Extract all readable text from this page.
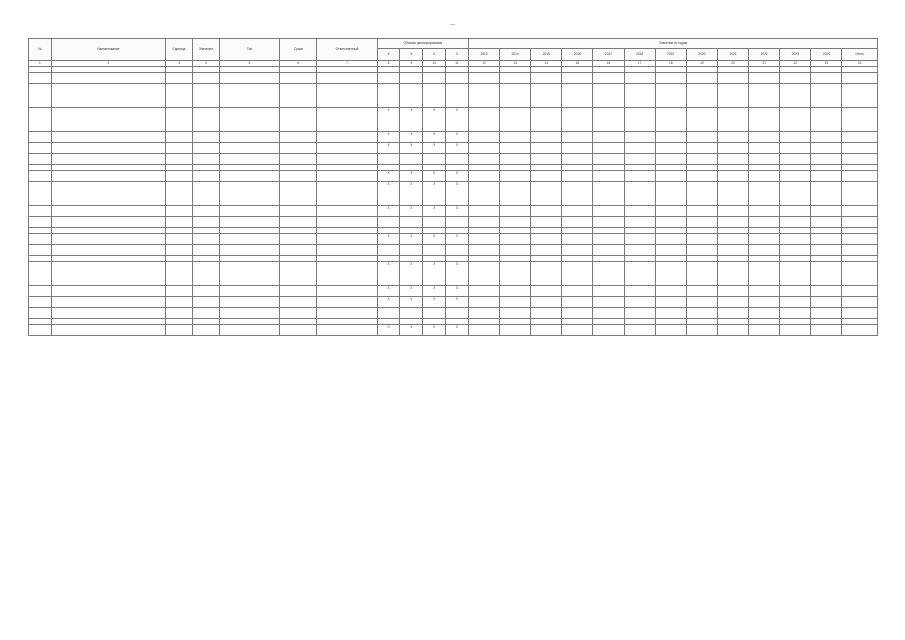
—
№	Наименование	Единица	Значение	Тип	Сроки	Ответственный	Объемы финансирования				Значения по годам												
							X	X	X	X	2013	2014	2015	2016	2017	2018	2019	2020	2021	2022	2023	2024	Итого
1	2	3	4	5	6	7	8	9	10	11	12	13	14	15	16	17	18	19	20	21	22	23	24

							X	X	X	X													
							X	X	X	X													
							X	X	X	X													

							X	X	X	X													
							X	X	X	X													
							X	X	X	X													

							X	X	X	X													

							X	X	X	X													
							X	X	X	X													
							X	X	X	X													

							X	X	X	X													
